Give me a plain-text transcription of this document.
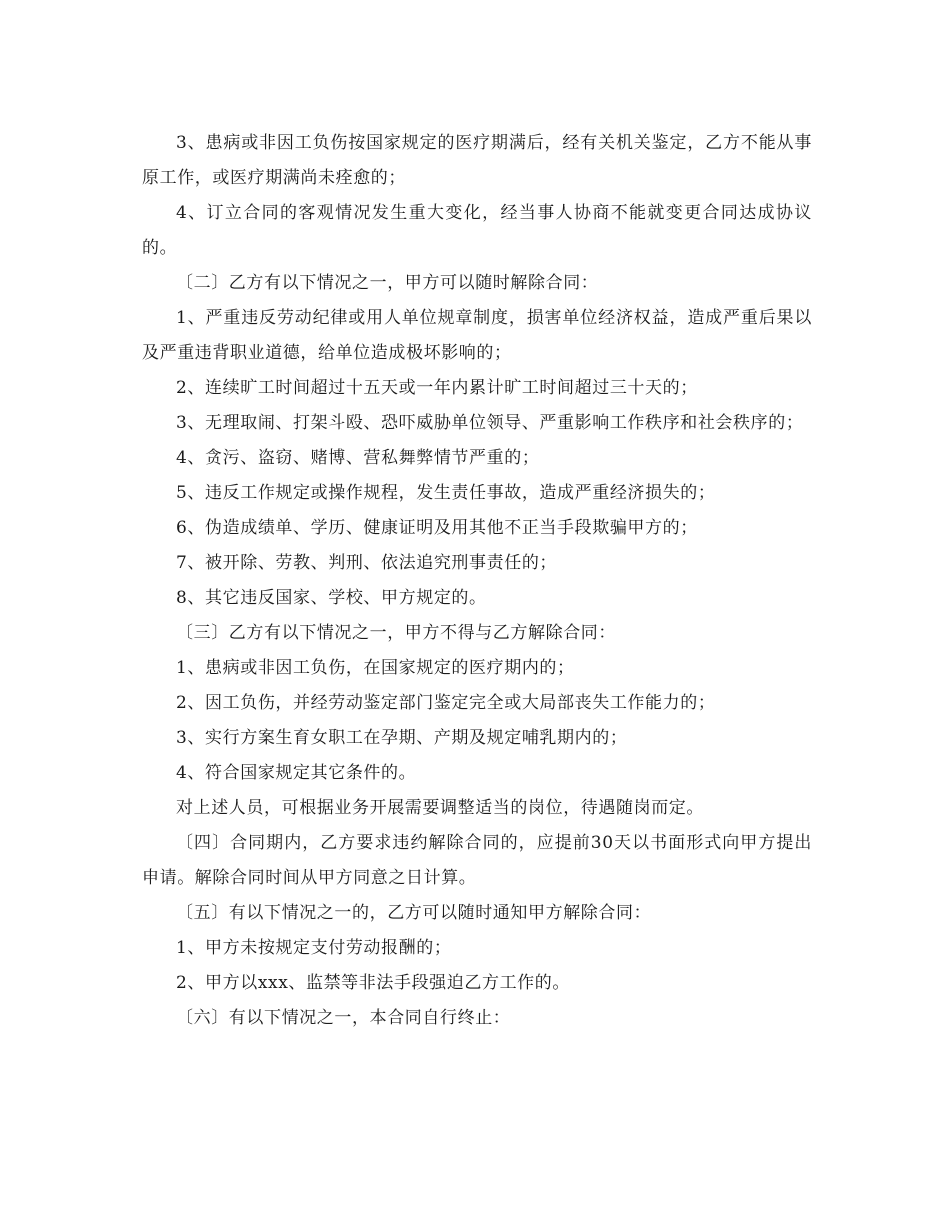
3、患病或非因工负伤按国家规定的医疗期满后，经有关机关鉴定，乙方不能从事原工作，或医疗期满尚未痊愈的；

4、订立合同的客观情况发生重大变化，经当事人协商不能就变更合同达成协议的。

〔二〕乙方有以下情况之一，甲方可以随时解除合同：

1、严重违反劳动纪律或用人单位规章制度，损害单位经济权益，造成严重后果以及严重违背职业道德，给单位造成极坏影响的；

2、连续旷工时间超过十五天或一年内累计旷工时间超过三十天的；

3、无理取闹、打架斗殴、恐吓威胁单位领导、严重影响工作秩序和社会秩序的；

4、贪污、盗窃、赌博、营私舞弊情节严重的；

5、违反工作规定或操作规程，发生责任事故，造成严重经济损失的；

6、伪造成绩单、学历、健康证明及用其他不正当手段欺骗甲方的；

7、被开除、劳教、判刑、依法追究刑事责任的；

8、其它违反国家、学校、甲方规定的。

〔三〕乙方有以下情况之一，甲方不得与乙方解除合同：

1、患病或非因工负伤，在国家规定的医疗期内的；

2、因工负伤，并经劳动鉴定部门鉴定完全或大局部丧失工作能力的；

3、实行方案生育女职工在孕期、产期及规定哺乳期内的；

4、符合国家规定其它条件的。

对上述人员，可根据业务开展需要调整适当的岗位，待遇随岗而定。

〔四〕合同期内，乙方要求违约解除合同的，应提前30天以书面形式向甲方提出申请。解除合同时间从甲方同意之日计算。

〔五〕有以下情况之一的，乙方可以随时通知甲方解除合同：

1、甲方未按规定支付劳动报酬的；

2、甲方以xxx、监禁等非法手段强迫乙方工作的。

〔六〕有以下情况之一，本合同自行终止：
